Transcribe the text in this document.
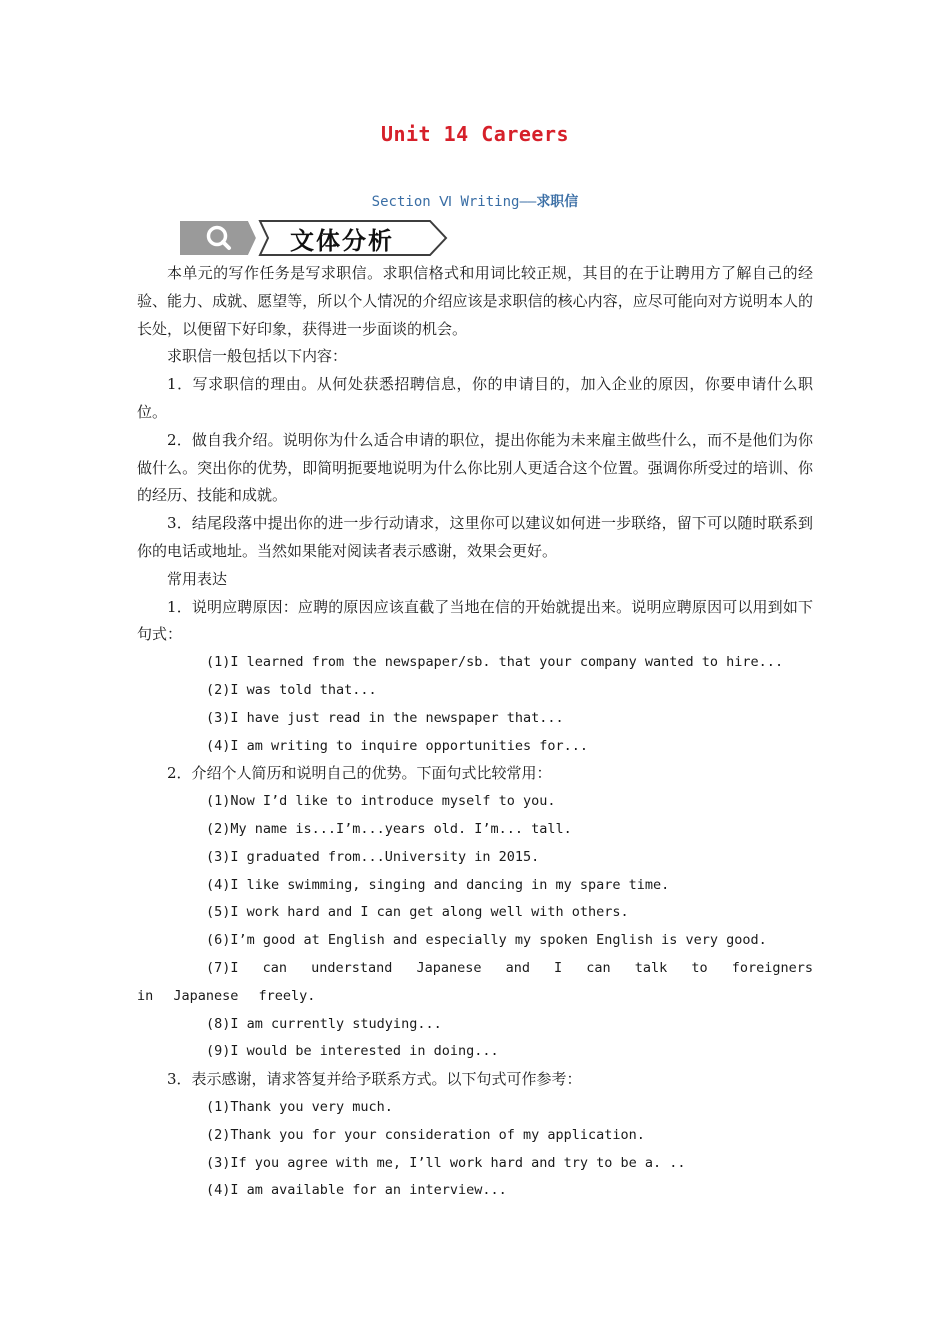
Unit 14 Careers
Section Ⅵ Writing——求职信
文体分析

本单元的写作任务是写求职信。求职信格式和用词比较正规，其目的在于让聘用方了解自己的经验、能力、成就、愿望等，所以个人情况的介绍应该是求职信的核心内容，应尽可能向对方说明本人的长处，以便留下好印象，获得进一步面谈的机会。

求职信一般包括以下内容：

1．写求职信的理由。从何处获悉招聘信息，你的申请目的，加入企业的原因，你要申请什么职位。

2．做自我介绍。说明你为什么适合申请的职位，提出你能为未来雇主做些什么，而不是他们为你做什么。突出你的优势，即简明扼要地说明为什么你比别人更适合这个位置。强调你所受过的培训、你的经历、技能和成就。

3．结尾段落中提出你的进一步行动请求，这里你可以建议如何进一步联络，留下可以随时联系到你的电话或地址。当然如果能对阅读者表示感谢，效果会更好。

常用表达

1．说明应聘原因：应聘的原因应该直截了当地在信的开始就提出来。说明应聘原因可以用到如下句式：

(1)I learned from the newspaper/sb. that your company wanted to hire...

(2)I was told that...

(3)I have just read in the newspaper that...

(4)I am writing to inquire opportunities for...

2．介绍个人简历和说明自己的优势。下面句式比较常用：

(1)Now I’d like to introduce myself to you.

(2)My name is...I’m...years old. I’m... tall.

(3)I graduated from...University in 2015.

(4)I like swimming, singing and dancing in my spare time.

(5)I work hard and I can get along well with others.

(6)I’m good at English and especially my spoken English is very good.

(7)I can understand Japanese and I can talk to foreigners in Japanese freely.

(8)I am currently studying...

(9)I would be interested in doing...

3．表示感谢，请求答复并给予联系方式。以下句式可作参考：

(1)Thank you very much.

(2)Thank you for your consideration of my application.

(3)If you agree with me, I’ll work hard and try to be a. ..

(4)I am available for an interview...
